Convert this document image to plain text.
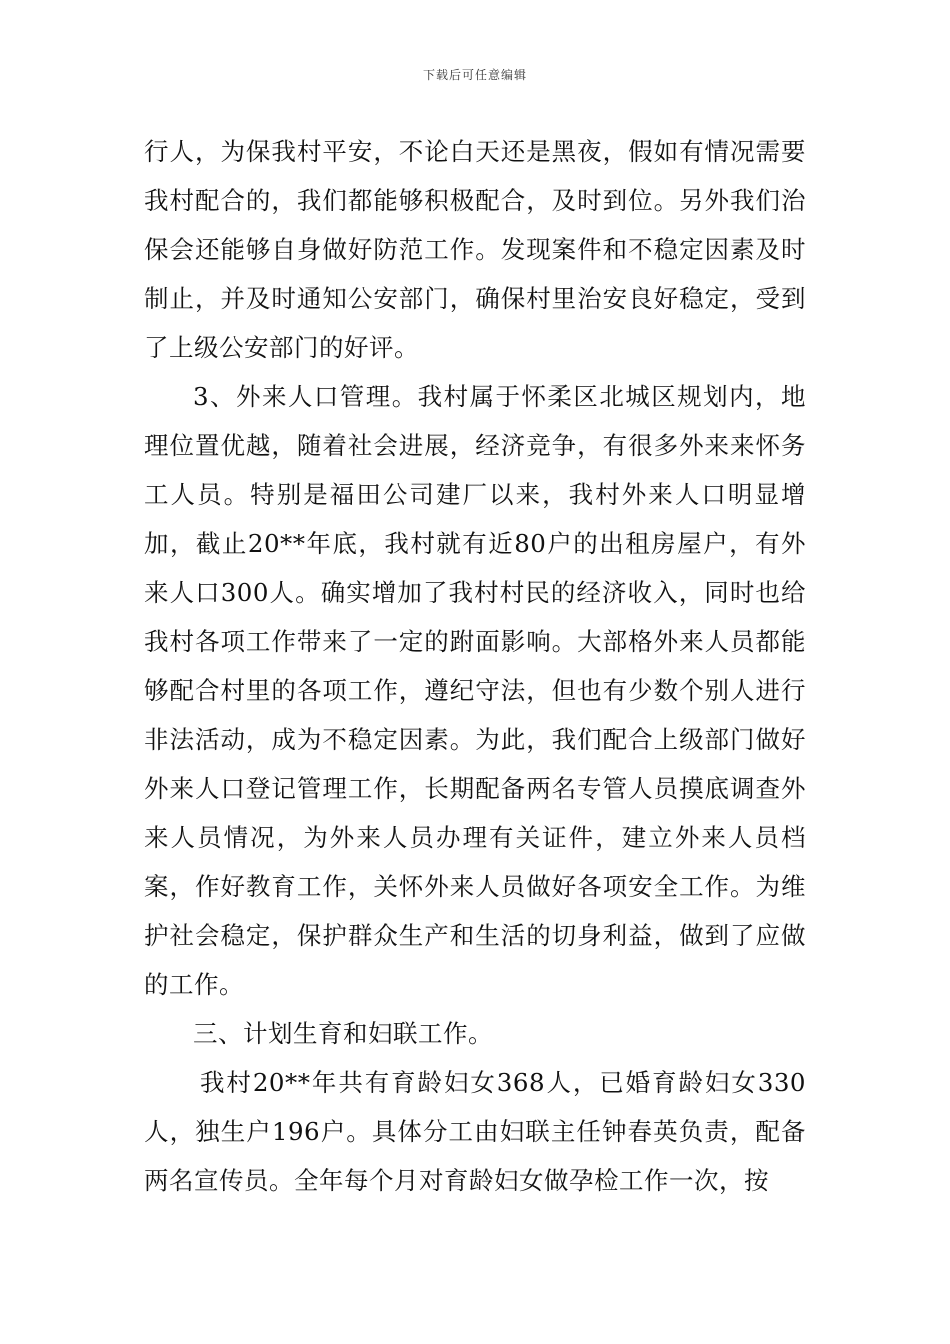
下载后可任意编辑

行人，为保我村平安，不论白天还是黑夜，假如有情况需要我村配合的，我们都能够积极配合，及时到位。另外我们治保会还能够自身做好防范工作。发现案件和不稳定因素及时制止，并及时通知公安部门，确保村里治安良好稳定，受到了上级公安部门的好评。

3、外来人口管理。我村属于怀柔区北城区规划内，地理位置优越，随着社会进展，经济竞争，有很多外来来怀务工人员。特别是福田公司建厂以来，我村外来人口明显增加，截止20**年底，我村就有近80户的出租房屋户，有外来人口300人。确实增加了我村村民的经济收入，同时也给我村各项工作带来了一定的跗面影响。大部格外来人员都能够配合村里的各项工作，遵纪守法，但也有少数个别人进行非法活动，成为不稳定因素。为此，我们配合上级部门做好外来人口登记管理工作，长期配备两名专管人员摸底调查外来人员情况，为外来人员办理有关证件，建立外来人员档案，作好教育工作，关怀外来人员做好各项安全工作。为维护社会稳定，保护群众生产和生活的切身利益，做到了应做的工作。

三、计划生育和妇联工作。

我村20**年共有育龄妇女368人，已婚育龄妇女330人，独生户196户。具体分工由妇联主任钟春英负责，配备两名宣传员。全年每个月对育龄妇女做孕检工作一次，按
